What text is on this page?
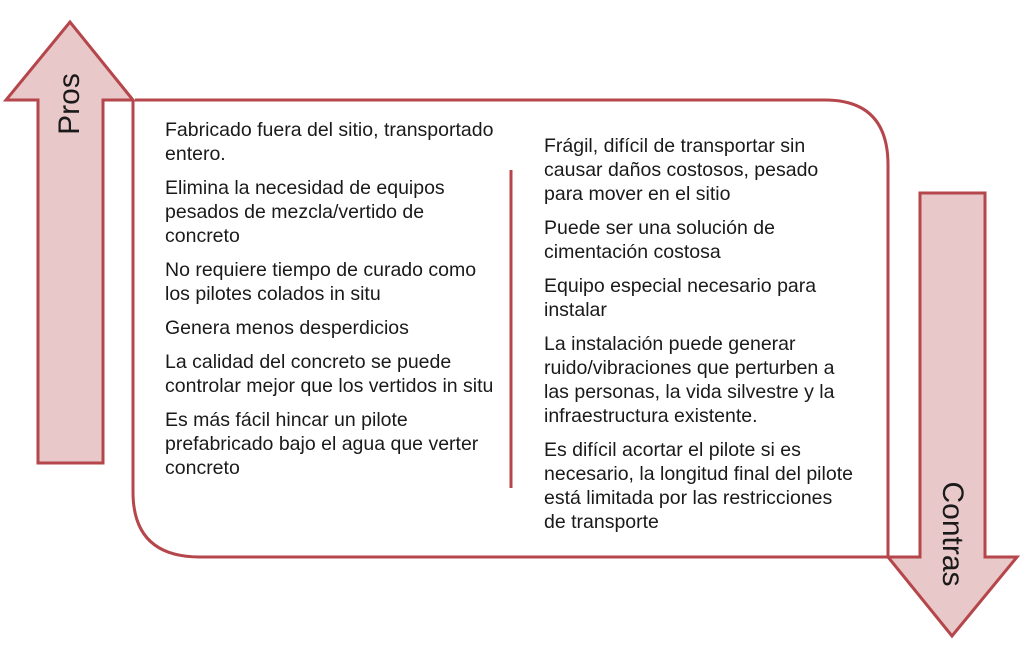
Pros
Contras
Fabricado fuera del sitio, transportado entero.
Elimina la necesidad de equipos pesados de mezcla/vertido de concreto
No requiere tiempo de curado como los pilotes colados in situ
Genera menos desperdicios
La calidad del concreto se puede controlar mejor que los vertidos in situ
Es más fácil hincar un pilote prefabricado bajo el agua que verter concreto
Frágil, difícil de transportar sin causar daños costosos, pesado para mover en el sitio
Puede ser una solución de cimentación costosa
Equipo especial necesario para instalar
La instalación puede generar ruido/vibraciones que perturben a las personas, la vida silvestre y la infraestructura existente.
Es difícil acortar el pilote si es necesario, la longitud final del pilote está limitada por las restricciones de transporte
